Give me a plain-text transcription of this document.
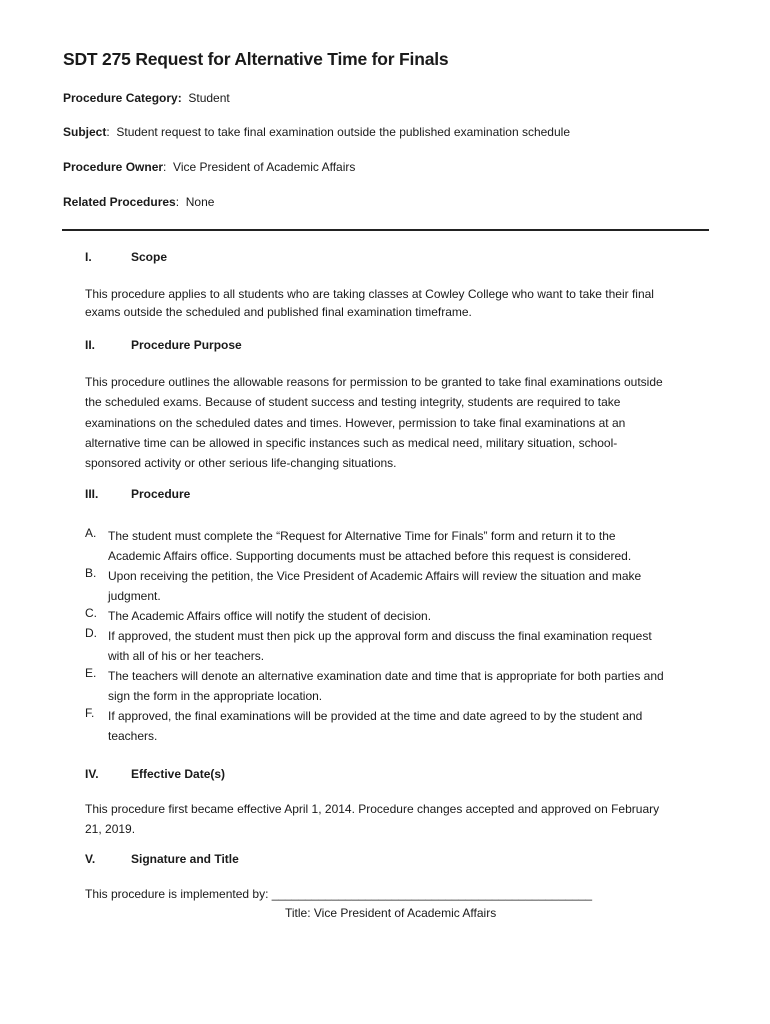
SDT 275 Request for Alternative Time for Finals
Procedure Category: Student
Subject: Student request to take final examination outside the published examination schedule
Procedure Owner: Vice President of Academic Affairs
Related Procedures: None
I.	Scope
This procedure applies to all students who are taking classes at Cowley College who want to take their final
exams outside the scheduled and published final examination timeframe.
II.	Procedure Purpose
This procedure outlines the allowable reasons for permission to be granted to take final examinations outside
the scheduled exams. Because of student success and testing integrity, students are required to take
examinations on the scheduled dates and times. However, permission to take final examinations at an
alternative time can be allowed in specific instances such as medical need, military situation, school-
sponsored activity or other serious life-changing situations.
III.	Procedure
A. The student must complete the “Request for Alternative Time for Finals” form and return it to the
Academic Affairs office. Supporting documents must be attached before this request is considered.
B. Upon receiving the petition, the Vice President of Academic Affairs will review the situation and make
judgment.
C. The Academic Affairs office will notify the student of decision.
D. If approved, the student must then pick up the approval form and discuss the final examination request
with all of his or her teachers.
E. The teachers will denote an alternative examination date and time that is appropriate for both parties and
sign the form in the appropriate location.
F. If approved, the final examinations will be provided at the time and date agreed to by the student and
teachers.
IV.	Effective Date(s)
This procedure first became effective April 1, 2014. Procedure changes accepted and approved on February
21, 2019.
V.	Signature and Title
This procedure is implemented by: ________________________________________________
Title: Vice President of Academic Affairs
